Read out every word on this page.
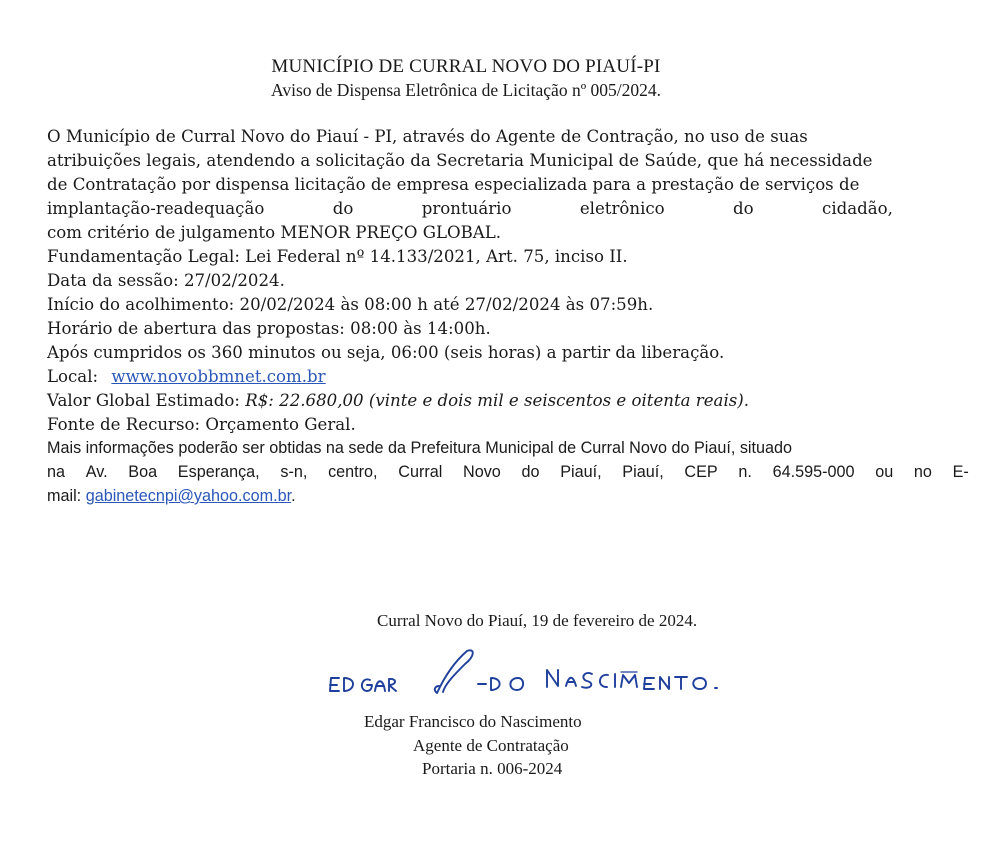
MUNICÍPIO DE CURRAL NOVO DO PIAUÍ-PI
Aviso de Dispensa Eletrônica de Licitação nº 005/2024.
O Município de Curral Novo do Piauí - PI, através do Agente de Contração, no uso de suas
atribuições legais, atendendo a solicitação da Secretaria Municipal de Saúde, que há necessidade
de Contratação por dispensa licitação de empresa especializada para a prestação de serviços de
implantação-readequação	do	prontuário	eletrônico	do	cidadão,
com critério de julgamento MENOR PREÇO GLOBAL.
Fundamentação Legal: Lei Federal nº 14.133/2021, Art. 75, inciso II.
Data da sessão: 27/02/2024.
Início do acolhimento: 20/02/2024 às 08:00 h até 27/02/2024 às 07:59h.
Horário de abertura das propostas: 08:00 às 14:00h.
Após cumpridos os 360 minutos ou seja, 06:00 (seis horas) a partir da liberação.
Local: www.novobbmnet.com.br
Valor Global Estimado: R$: 22.680,00 (vinte e dois mil e seiscentos e oitenta reais).
Fonte de Recurso: Orçamento Geral.
Mais informações poderão ser obtidas na sede da Prefeitura Municipal de Curral Novo do Piauí, situado
na Av. Boa Esperança, s-n, centro, Curral Novo do Piauí, Piauí, CEP n. 64.595-000 ou no E-
mail: gabinetecnpi@yahoo.com.br.
Curral Novo do Piauí, 19 de fevereiro de 2024.
Edgar Francisco do Nascimento
Agente de Contratação
Portaria n. 006-2024
